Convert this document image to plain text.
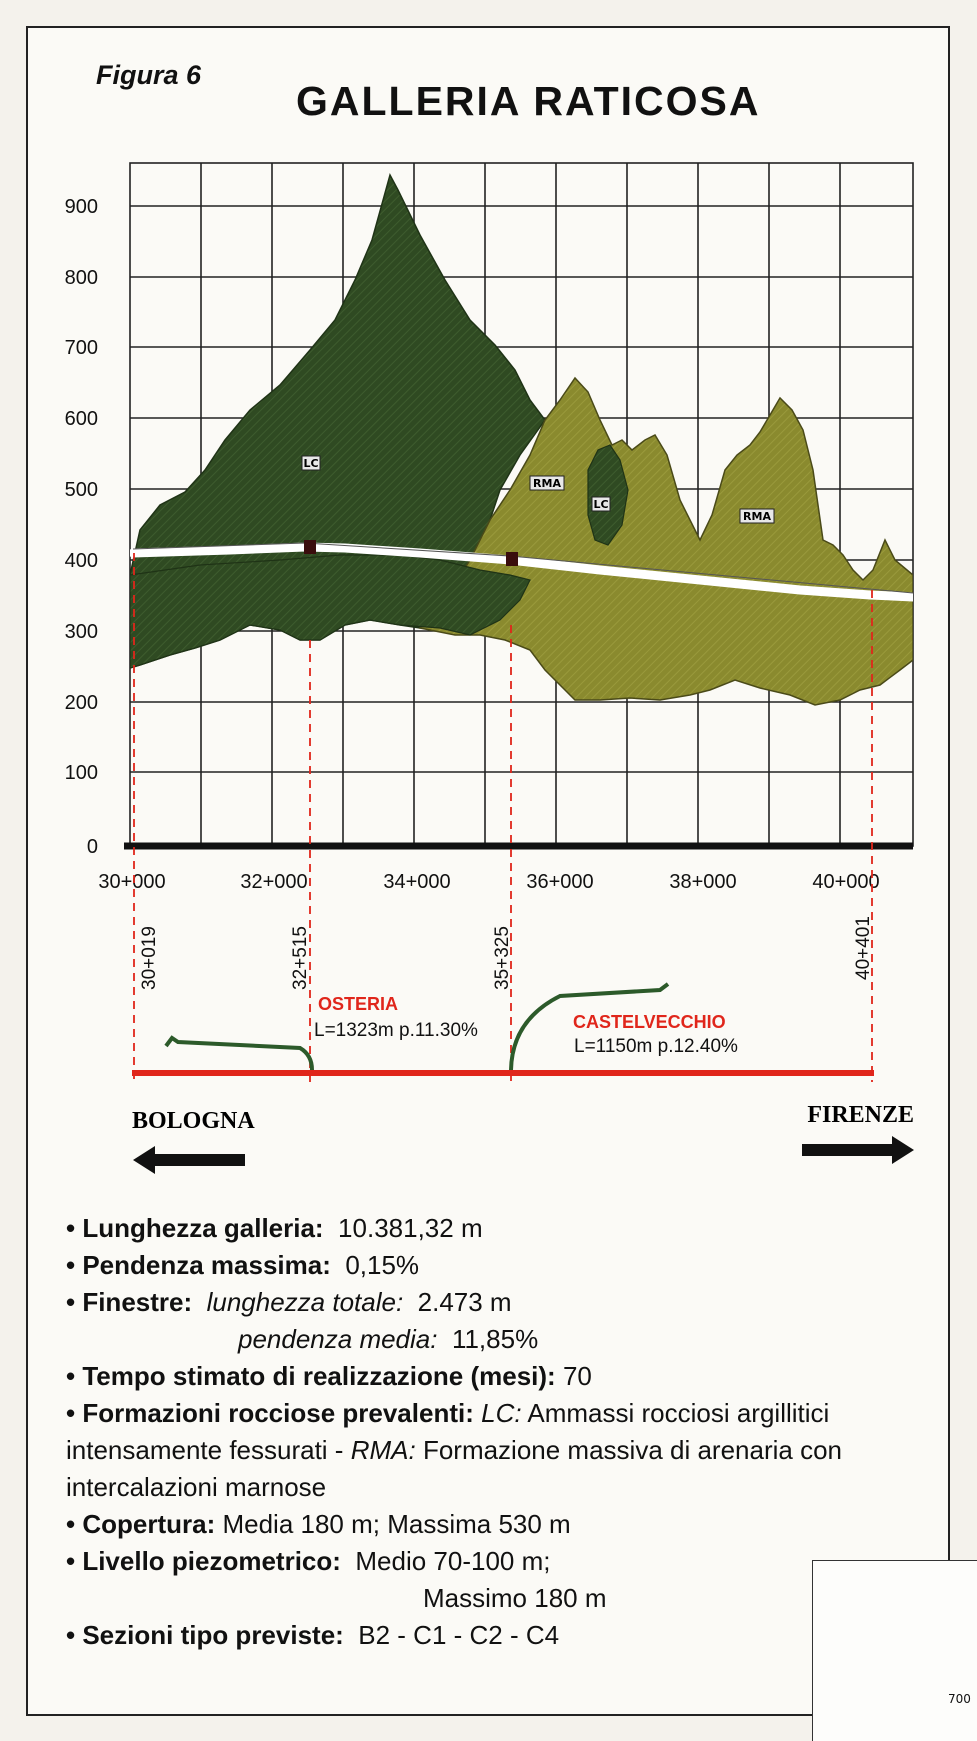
Figura 6
GALLERIA RATICOSA
LC
RMA
LC
RMA
900
800
700
600
500
400
300
200
100
0
30+000	32+000	34+000	36+000	38+000	40+000
30+019	32+515	35+325	40+401
OSTERIA
L=1323m p.11.30%	CASTELVECCHIO
L=1150m p.12.40%
BOLOGNA	FIRENZE
• Lunghezza galleria: 10.381,32 m
• Pendenza massima: 0,15%
• Finestre: lunghezza totale: 2.473 m
pendenza media: 11,85%
• Tempo stimato di realizzazione (mesi): 70
• Formazioni rocciose prevalenti: LC: Ammassi rocciosi argillitici intensamente fessurati - RMA: Formazione massiva di arenaria con intercalazioni marnose
• Copertura: Media 180 m; Massima 530 m
• Livello piezometrico: Medio 70-100 m;
Massimo 180 m
• Sezioni tipo previste: B2 - C1 - C2 - C4
700
